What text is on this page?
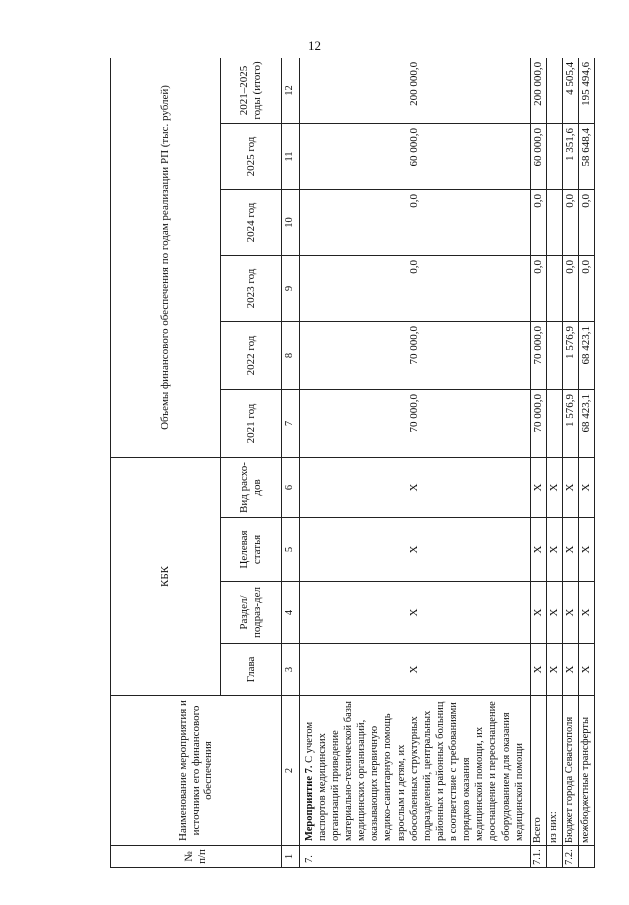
12
№ п/п	Наименование мероприятия и источники его финансового обеспечения	КБК				Объемы финансового обеспечения по годам реализации РП (тыс. рублей)					
		Глава	Раздел/ подраз-дел	Целевая статья	Вид расхо-дов	2021 год	2022 год	2023 год	2024 год	2025 год	2021–2025 годы (итого)
1	2	3	4	5	6	7	8	9	10	11	12
7.	Мероприятие 7. С учетом паспортов медицинских организаций приведение материально-технической базы медицинских организаций, оказывающих первичную медико-санитарную помощь взрослым и детям, их обособленных структурных подразделений, центральных районных и районных больниц в соответствие с требованиями порядков оказания медицинской помощи, их дооснащение и переоснащение оборудованием для оказания медицинской помощи	X	X	X	X	70 000,0	70 000,0	0,0	0,0	60 000,0	200 000,0
7.1.	Всего	X	X	X	X	70 000,0	70 000,0	0,0	0,0	60 000,0	200 000,0
	из них:	X	X	X	X						
7.2.	Бюджет города Севастополя	X	X	X	X	1 576,9	1 576,9	0,0	0,0	1 351,6	4 505,4
	межбюджетные трансферты	X	X	X	X	68 423,1	68 423,1	0,0	0,0	58 648,4	195 494,6
